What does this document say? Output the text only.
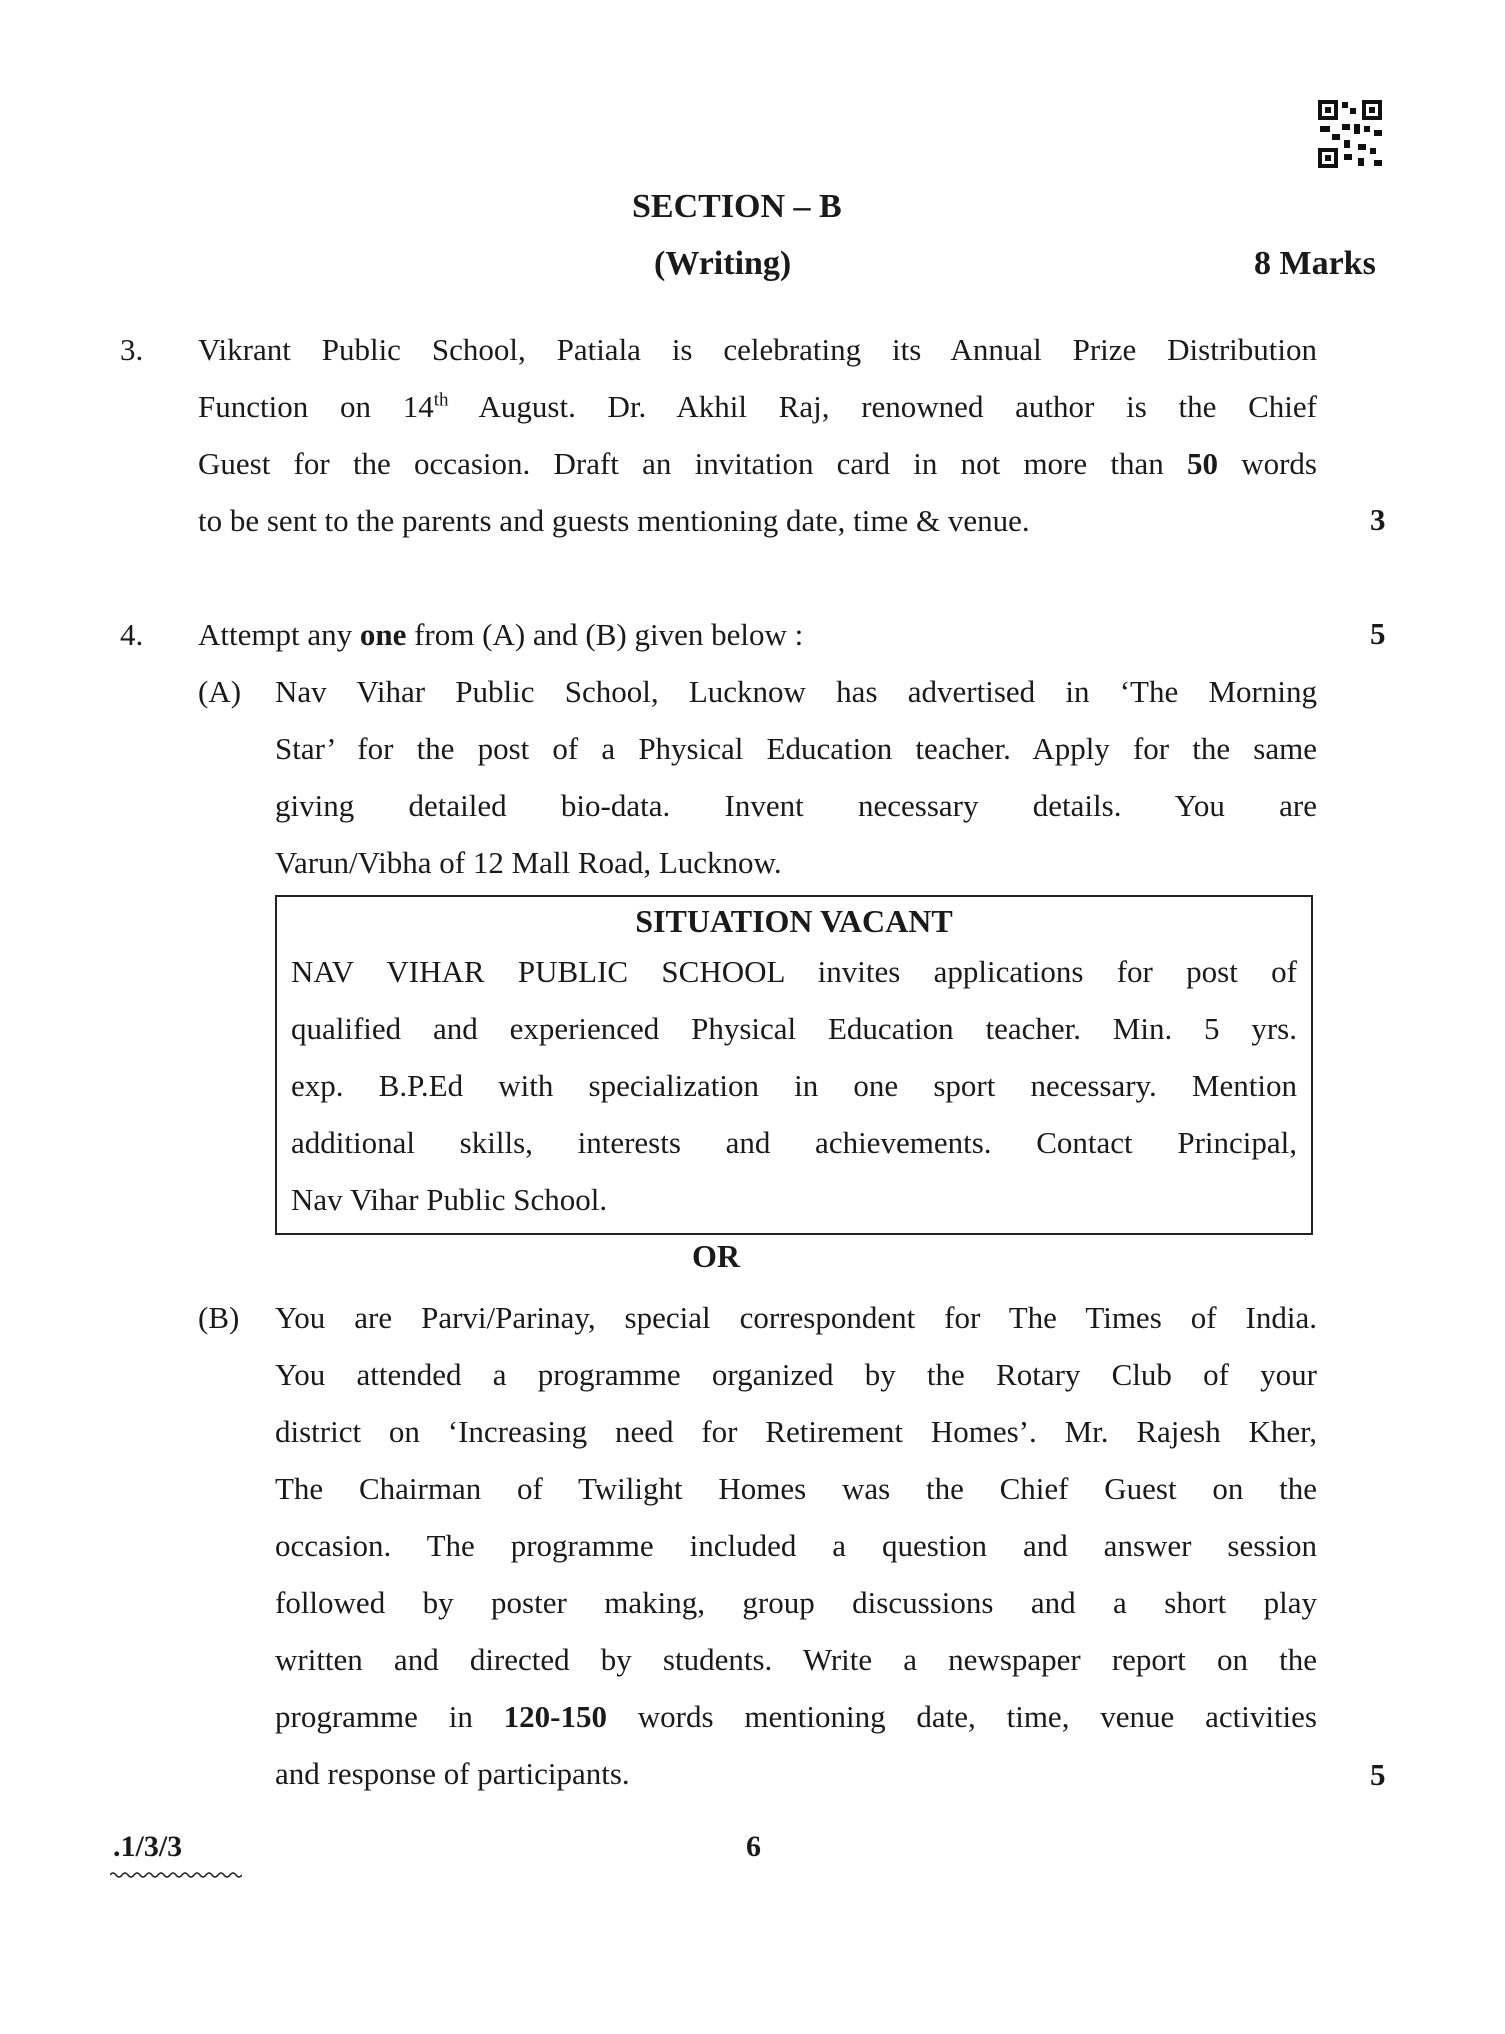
SECTION – B
(Writing)	8 Marks
3. Vikrant Public School, Patiala is celebrating its Annual Prize Distribution
Function on 14th August. Dr. Akhil Raj, renowned author is the Chief
Guest for the occasion. Draft an invitation card in not more than 50 words
to be sent to the parents and guests mentioning date, time & venue.	3
4. Attempt any one from (A) and (B) given below :	5
(A) Nav Vihar Public School, Lucknow has advertised in ‘The Morning
Star’ for the post of a Physical Education teacher. Apply for the same
giving detailed bio-data. Invent necessary details. You are
Varun/Vibha of 12 Mall Road, Lucknow.
SITUATION VACANT
NAV VIHAR PUBLIC SCHOOL invites applications for post of
qualified and experienced Physical Education teacher. Min. 5 yrs.
exp. B.P.Ed with specialization in one sport necessary. Mention
additional skills, interests and achievements. Contact Principal,
Nav Vihar Public School.
OR
(B) You are Parvi/Parinay, special correspondent for The Times of India.
You attended a programme organized by the Rotary Club of your
district on ‘Increasing need for Retirement Homes’. Mr. Rajesh Kher,
The Chairman of Twilight Homes was the Chief Guest on the
occasion. The programme included a question and answer session
followed by poster making, group discussions and a short play
written and directed by students. Write a newspaper report on the
programme in 120-150 words mentioning date, time, venue activities
and response of participants.	5
.1/3/3	6
